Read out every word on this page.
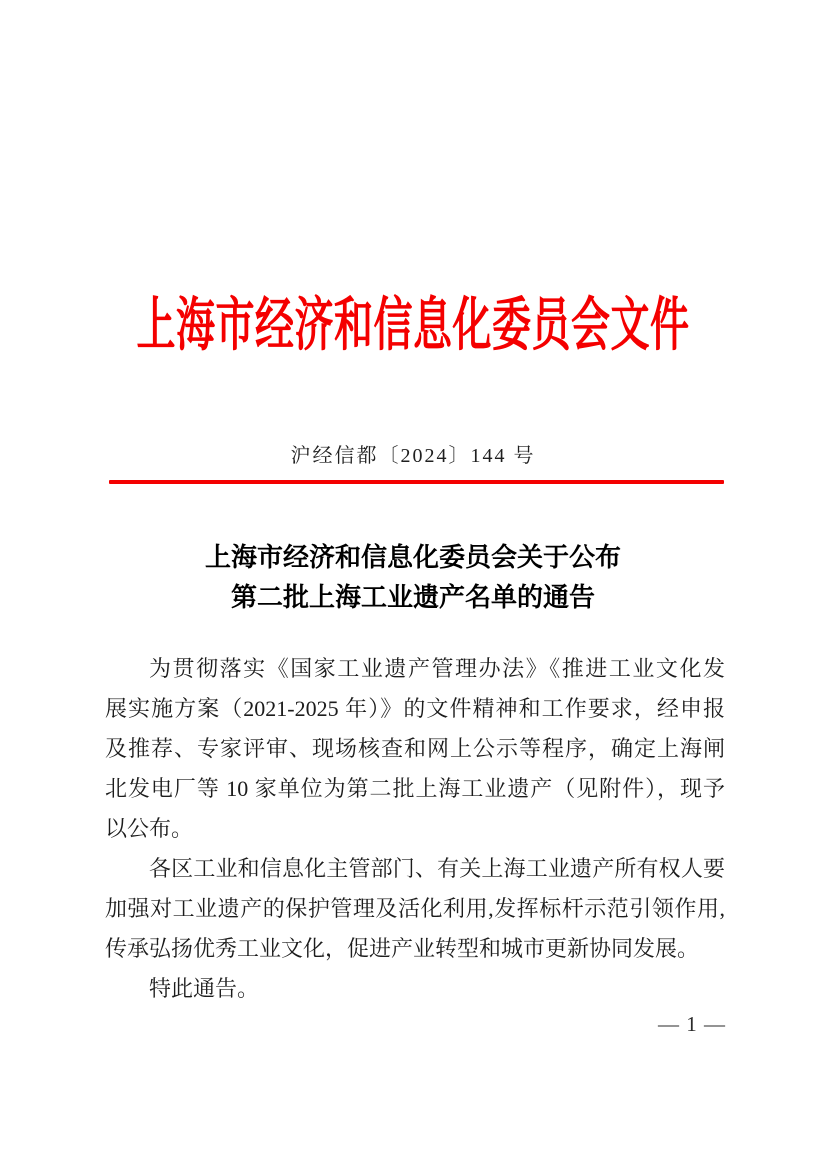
上海市经济和信息化委员会文件
沪经信都〔2024〕144 号
上海市经济和信息化委员会关于公布
第二批上海工业遗产名单的通告
为贯彻落实《国家工业遗产管理办法》《推进工业文化发
展实施方案（2021-2025 年）》的文件精神和工作要求，经申报
及推荐、专家评审、现场核查和网上公示等程序，确定上海闸
北发电厂等 10 家单位为第二批上海工业遗产（见附件），现予
以公布。
各区工业和信息化主管部门、有关上海工业遗产所有权人要
加强对工业遗产的保护管理及活化利用,发挥标杆示范引领作用,
传承弘扬优秀工业文化，促进产业转型和城市更新协同发展。
特此通告。
— 1 —
